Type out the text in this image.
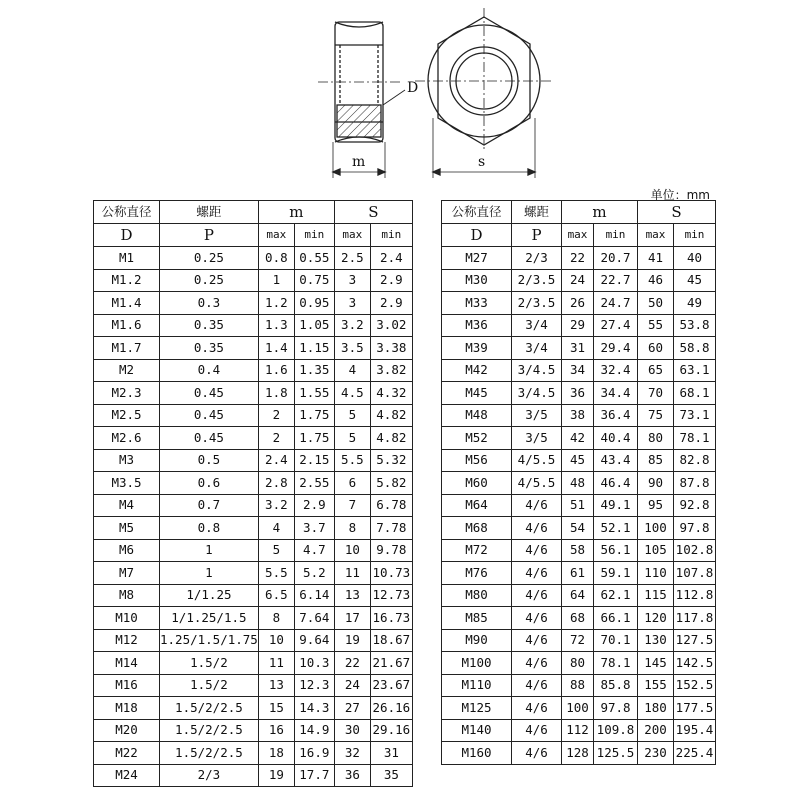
D
m	s
单位：mm
公称直径	螺距	m		S	
D	P				
		max	min	max	min
M1	0.25	0.8	0.55	2.5	2.4
M1.2	0.25	1	0.75	3	2.9
M1.4	0.3	1.2	0.95	3	2.9
M1.6	0.35	1.3	1.05	3.2	3.02
M1.7	0.35	1.4	1.15	3.5	3.38
M2	0.4	1.6	1.35	4	3.82
M2.3	0.45	1.8	1.55	4.5	4.32
M2.5	0.45	2	1.75	5	4.82
M2.6	0.45	2	1.75	5	4.82
M3	0.5	2.4	2.15	5.5	5.32
M3.5	0.6	2.8	2.55	6	5.82
M4	0.7	3.2	2.9	7	6.78
M5	0.8	4	3.7	8	7.78
M6	1	5	4.7	10	9.78
M7	1	5.5	5.2	11	10.73
M8	1/1.25	6.5	6.14	13	12.73
M10	1/1.25/1.5	8	7.64	17	16.73
M12	1.25/1.5/1.75	10	9.64	19	18.67
M14	1.5/2	11	10.3	22	21.67
M16	1.5/2	13	12.3	24	23.67
M18	1.5/2/2.5	15	14.3	27	26.16
M20	1.5/2/2.5	16	14.9	30	29.16
M22	1.5/2/2.5	18	16.9	32	31
M24	2/3	19	17.7	36	35
公称直径	螺距	m		S	
D	P				
		max	min	max	min
M27	2/3	22	20.7	41	40
M30	2/3.5	24	22.7	46	45
M33	2/3.5	26	24.7	50	49
M36	3/4	29	27.4	55	53.8
M39	3/4	31	29.4	60	58.8
M42	3/4.5	34	32.4	65	63.1
M45	3/4.5	36	34.4	70	68.1
M48	3/5	38	36.4	75	73.1
M52	3/5	42	40.4	80	78.1
M56	4/5.5	45	43.4	85	82.8
M60	4/5.5	48	46.4	90	87.8
M64	4/6	51	49.1	95	92.8
M68	4/6	54	52.1	100	97.8
M72	4/6	58	56.1	105	102.8
M76	4/6	61	59.1	110	107.8
M80	4/6	64	62.1	115	112.8
M85	4/6	68	66.1	120	117.8
M90	4/6	72	70.1	130	127.5
M100	4/6	80	78.1	145	142.5
M110	4/6	88	85.8	155	152.5
M125	4/6	100	97.8	180	177.5
M140	4/6	112	109.8	200	195.4
M160	4/6	128	125.5	230	225.4
